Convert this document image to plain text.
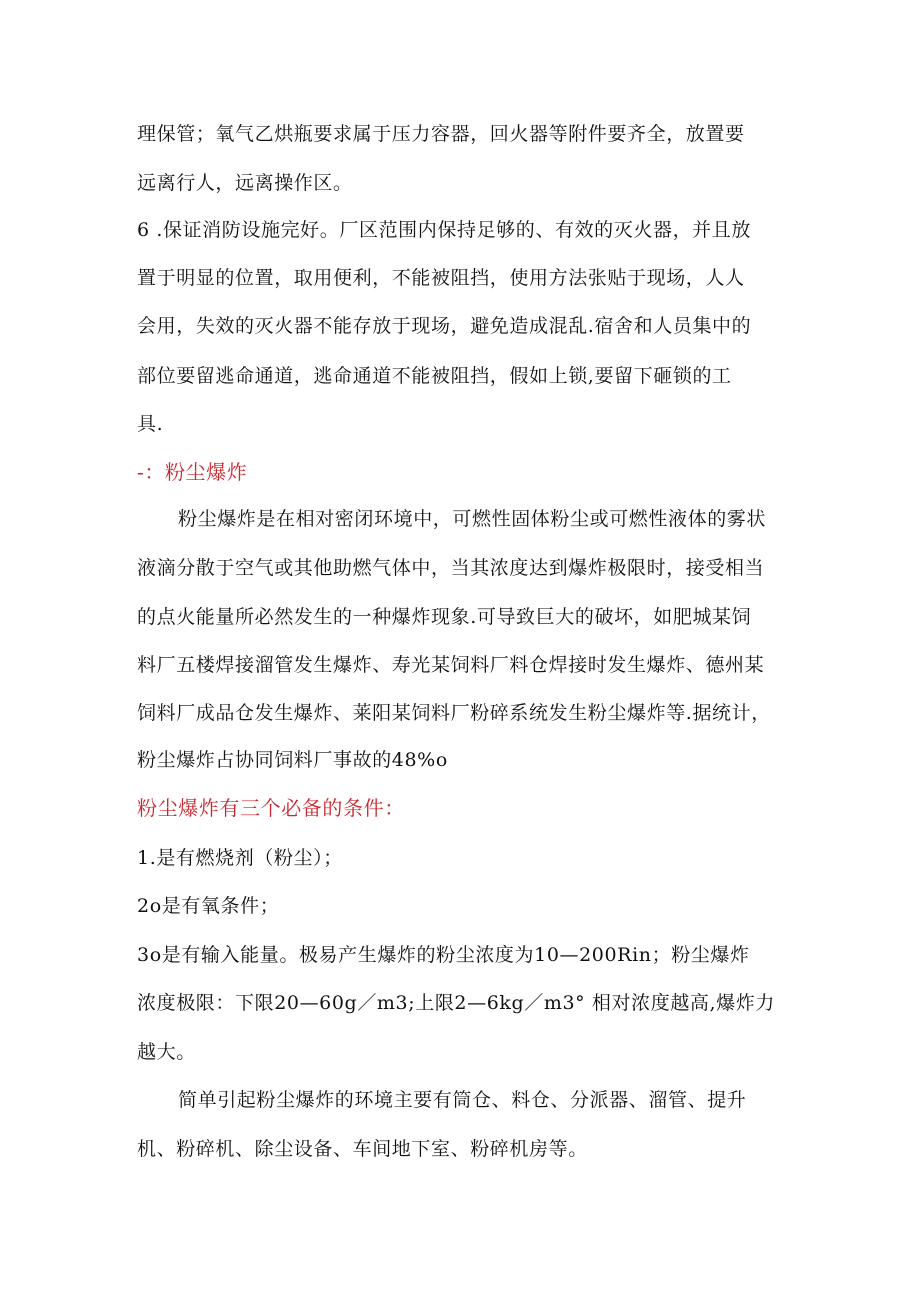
理保管；氧气乙烘瓶要求属于压力容器，回火器等附件要齐全，放置要
远离行人，远离操作区。
6 .保证消防设施完好。厂区范围内保持足够的、有效的灭火器，并且放
置于明显的位置，取用便利，不能被阻挡，使用方法张贴于现场，人人
会用，失效的灭火器不能存放于现场，避免造成混乱.宿舍和人员集中的
部位要留逃命通道，逃命通道不能被阻挡，假如上锁,要留下砸锁的工
具.
-：粉尘爆炸
粉尘爆炸是在相对密闭环境中，可燃性固体粉尘或可燃性液体的雾状
液滴分散于空气或其他助燃气体中，当其浓度达到爆炸极限时，接受相当
的点火能量所必然发生的一种爆炸现象.可导致巨大的破坏，如肥城某饲
料厂五楼焊接溜管发生爆炸、寿光某饲料厂料仓焊接时发生爆炸、德州某
饲料厂成品仓发生爆炸、莱阳某饲料厂粉碎系统发生粉尘爆炸等.据统计，
粉尘爆炸占协同饲料厂事故的48%o
粉尘爆炸有三个必备的条件：
1.是有燃烧剂（粉尘）；
2o是有氧条件；
3o是有输入能量。极易产生爆炸的粉尘浓度为10—200Rin；粉尘爆炸
浓度极限：下限20—60g／m3;上限2—6kg／m3° 相对浓度越高,爆炸力
越大。
简单引起粉尘爆炸的环境主要有筒仓、料仓、分派器、溜管、提升
机、粉碎机、除尘设备、车间地下室、粉碎机房等。
